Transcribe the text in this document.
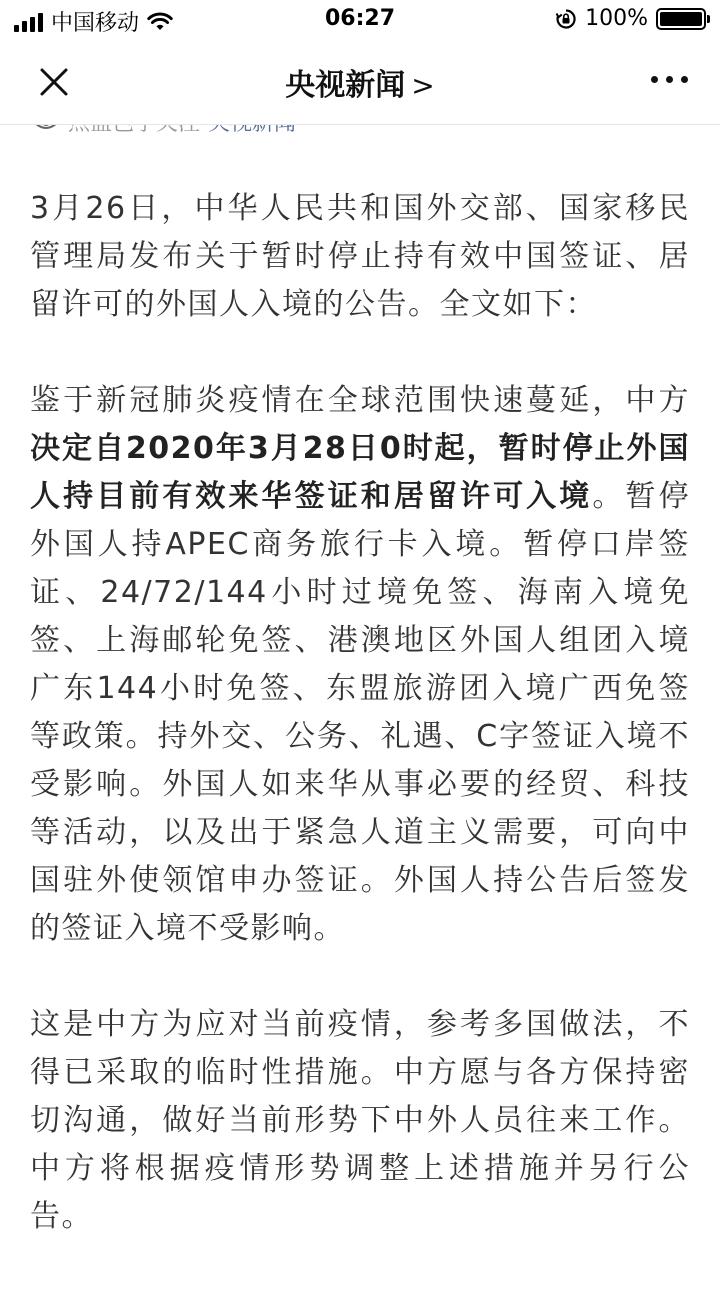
中国移动	06:27	100%
央视新闻 >

3月26日，中华人民共和国外交部、国家移民管理局发布关于暂时停止持有效中国签证、居留许可的外国人入境的公告。全文如下：

鉴于新冠肺炎疫情在全球范围快速蔓延，中方决定自2020年3月28日0时起，暂时停止外国人持目前有效来华签证和居留许可入境。暂停外国人持APEC商务旅行卡入境。暂停口岸签证、24/72/144小时过境免签、海南入境免签、上海邮轮免签、港澳地区外国人组团入境广东144小时免签、东盟旅游团入境广西免签等政策。持外交、公务、礼遇、C字签证入境不受影响。外国人如来华从事必要的经贸、科技等活动，以及出于紧急人道主义需要，可向中国驻外使领馆申办签证。外国人持公告后签发的签证入境不受影响。

这是中方为应对当前疫情，参考多国做法，不得已采取的临时性措施。中方愿与各方保持密切沟通，做好当前形势下中外人员往来工作。中方将根据疫情形势调整上述措施并另行公告。
